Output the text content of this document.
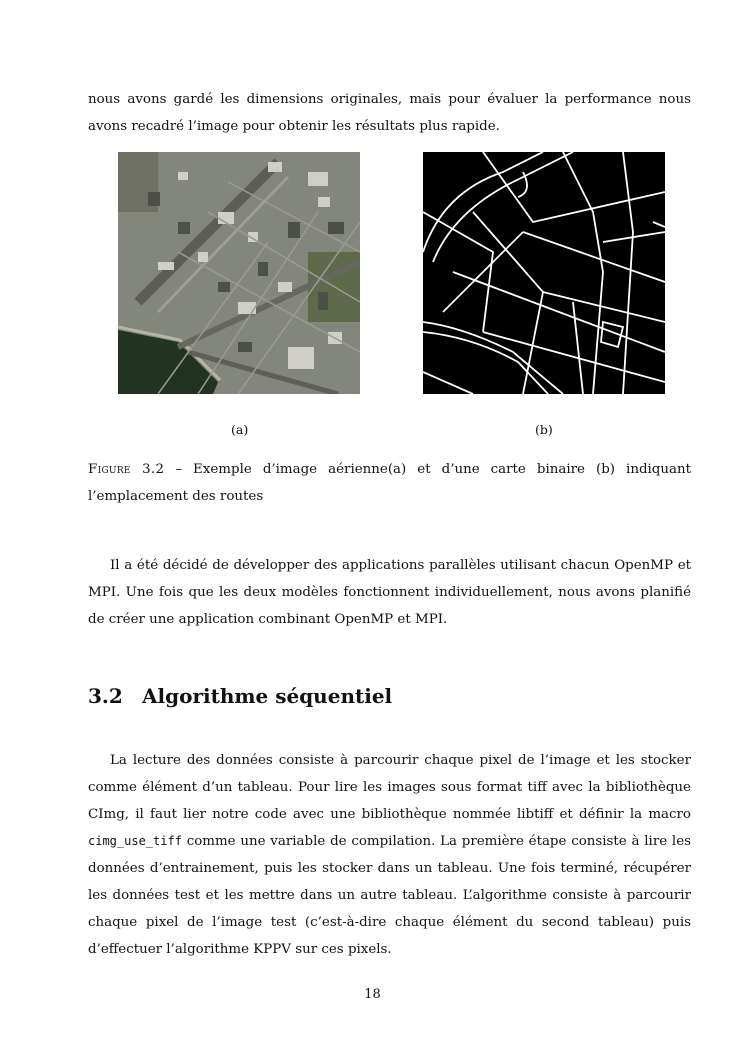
nous avons gardé les dimensions originales, mais pour évaluer la performance nous avons recadré l’image pour obtenir les résultats plus rapide.

(a)	(b)

Figure 3.2 – Exemple d’image aérienne(a) et d’une carte binaire (b) indiquant l’emplacement des routes

Il a été décidé de développer des applications parallèles utilisant chacun OpenMP et MPI. Une fois que les deux modèles fonctionnent individuellement, nous avons planifié de créer une application combinant OpenMP et MPI.

3.2 Algorithme séquentiel

La lecture des données consiste à parcourir chaque pixel de l’image et les stocker comme élément d’un tableau. Pour lire les images sous format tiff avec la bibliothèque CImg, il faut lier notre code avec une bibliothèque nommée libtiff et définir la macro cimg_use_tiff comme une variable de compilation. La première étape consiste à lire les données d’entrainement, puis les stocker dans un tableau. Une fois terminé, récupérer les données test et les mettre dans un autre tableau. L’algorithme consiste à parcourir chaque pixel de l’image test (c’est-à-dire chaque élément du second tableau) puis d’effectuer l’algorithme KPPV sur ces pixels.

18
